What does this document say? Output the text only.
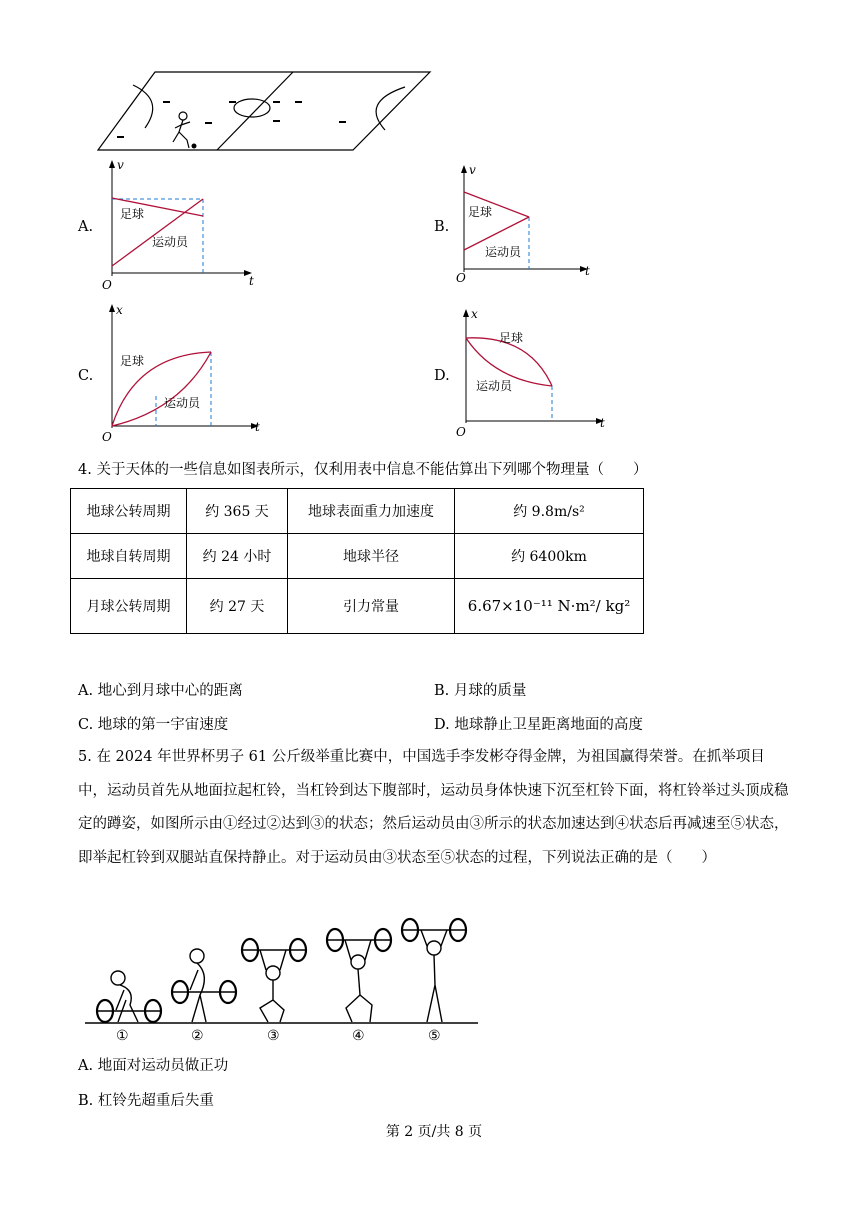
A.
v
t
O
足球
运动员
B.
v
t
O
足球
运动员
C.
x
t
O
足球
运动员
D.
x
t
O
足球
运动员
4. 关于天体的一些信息如图表所示，仅利用表中信息不能估算出下列哪个物理量（　　）
地球公转周期	约 365 天	地球表面重力加速度	约 9.8m/s²
地球自转周期	约 24 小时	地球半径	约 6400km
月球公转周期	约 27 天	引力常量	6.67×10⁻¹¹ N·m²/ kg²
A. 地心到月球中心的距离	B. 月球的质量
C. 地球的第一宇宙速度	D. 地球静止卫星距离地面的高度
5. 在 2024 年世界杯男子 61 公斤级举重比赛中，中国选手李发彬夺得金牌，为祖国赢得荣誉。在抓举项目中，运动员首先从地面拉起杠铃，当杠铃到达下腹部时，运动员身体快速下沉至杠铃下面，将杠铃举过头顶成稳定的蹲姿，如图所示由①经过②达到③的状态；然后运动员由③所示的状态加速达到④状态后再减速至⑤状态，即举起杠铃到双腿站直保持静止。对于运动员由③状态至⑤状态的过程，下列说法正确的是（　　）
①	②	③	④	⑤
A. 地面对运动员做正功
B. 杠铃先超重后失重
第 2 页/共 8 页
